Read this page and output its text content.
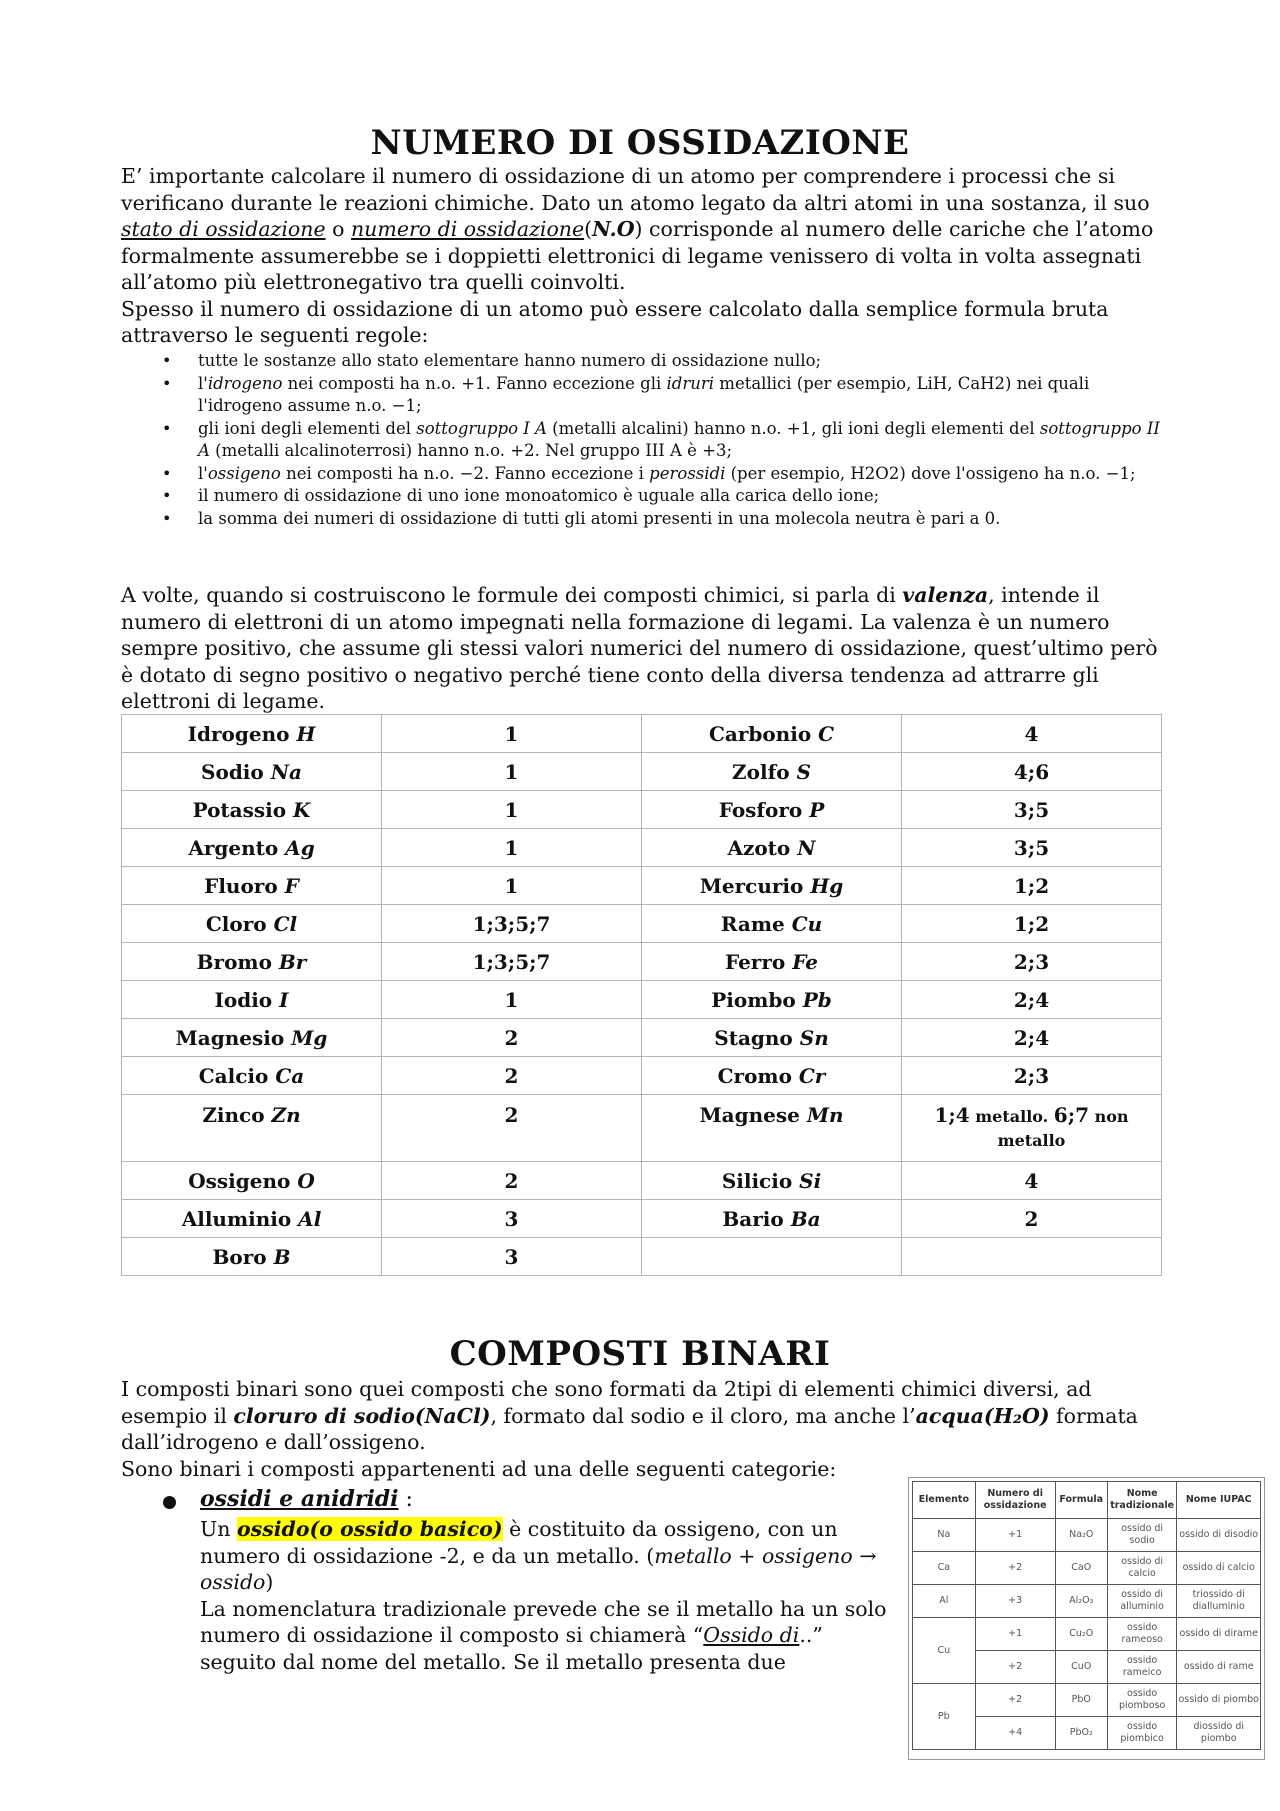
NUMERO DI OSSIDAZIONE
E’ importante calcolare il numero di ossidazione di un atomo per comprendere i processi che si verificano durante le reazioni chimiche. Dato un atomo legato da altri atomi in una sostanza, il suo stato di ossidazione o numero di ossidazione(N.O) corrisponde al numero delle cariche che l’atomo formalmente assumerebbe se i doppietti elettronici di legame venissero di volta in volta assegnati all’atomo più elettronegativo tra quelli coinvolti.
Spesso il numero di ossidazione di un atomo può essere calcolato dalla semplice formula bruta attraverso le seguenti regole:
• tutte le sostanze allo stato elementare hanno numero di ossidazione nullo;
• l'idrogeno nei composti ha n.o. +1. Fanno eccezione gli idruri metallici (per esempio, LiH, CaH2) nei quali l'idrogeno assume n.o. −1;
• gli ioni degli elementi del sottogruppo I A (metalli alcalini) hanno n.o. +1, gli ioni degli elementi del sottogruppo II A (metalli alcalinoterrosi) hanno n.o. +2. Nel gruppo III A è +3;
• l'ossigeno nei composti ha n.o. −2. Fanno eccezione i perossidi (per esempio, H2O2) dove l'ossigeno ha n.o. −1;
• il numero di ossidazione di uno ione monoatomico è uguale alla carica dello ione;
• la somma dei numeri di ossidazione di tutti gli atomi presenti in una molecola neutra è pari a 0.
A volte, quando si costruiscono le formule dei composti chimici, si parla di valenza, intende il numero di elettroni di un atomo impegnati nella formazione di legami. La valenza è un numero sempre positivo, che assume gli stessi valori numerici del numero di ossidazione, quest’ultimo però è dotato di segno positivo o negativo perché tiene conto della diversa tendenza ad attrarre gli elettroni di legame.
Idrogeno H	1	Carbonio C	4
Sodio Na	1	Zolfo S	4;6
Potassio K	1	Fosforo P	3;5
Argento Ag	1	Azoto N	3;5
Fluoro F	1	Mercurio Hg	1;2
Cloro Cl	1;3;5;7	Rame Cu	1;2
Bromo Br	1;3;5;7	Ferro Fe	2;3
Iodio I	1	Piombo Pb	2;4
Magnesio Mg	2	Stagno Sn	2;4
Calcio Ca	2	Cromo Cr	2;3
Zinco Zn	2	Magnese Mn	1;4 metallo. 6;7 non metallo
Ossigeno O	2	Silicio Si	4
Alluminio Al	3	Bario Ba	2
Boro B	3		
COMPOSTI BINARI
I composti binari sono quei composti che sono formati da 2tipi di elementi chimici diversi, ad esempio il cloruro di sodio(NaCl), formato dal sodio e il cloro, ma anche l’acqua(H₂O) formata dall’idrogeno e dall’ossigeno.
Sono binari i composti appartenenti ad una delle seguenti categorie:
ossidi e anidridi :
Un ossido(o ossido basico) è costituito da ossigeno, con un numero di ossidazione -2, e da un metallo. (metallo + ossigeno → ossido)
La nomenclatura tradizionale prevede che se il metallo ha un solo numero di ossidazione il composto si chiamerà “Ossido di..” seguito dal nome del metallo. Se il metallo presenta due
Elemento	Numero di ossidazione	Formula	Nome tradizionale	Nome IUPAC
Na	+1	Na₂O	ossido di sodio	ossido di disodio
Ca	+2	CaO	ossido di calcio	ossido di calcio
Al	+3	Al₂O₃	ossido di alluminio	triossido di dialluminio
Cu	+1	Cu₂O	ossido rameoso	ossido di dirame
	+2	CuO	ossido rameico	ossido di rame
Pb	+2	PbO	ossido piomboso	ossido di piombo
	+4	PbO₂	ossido piombico	diossido di piombo
